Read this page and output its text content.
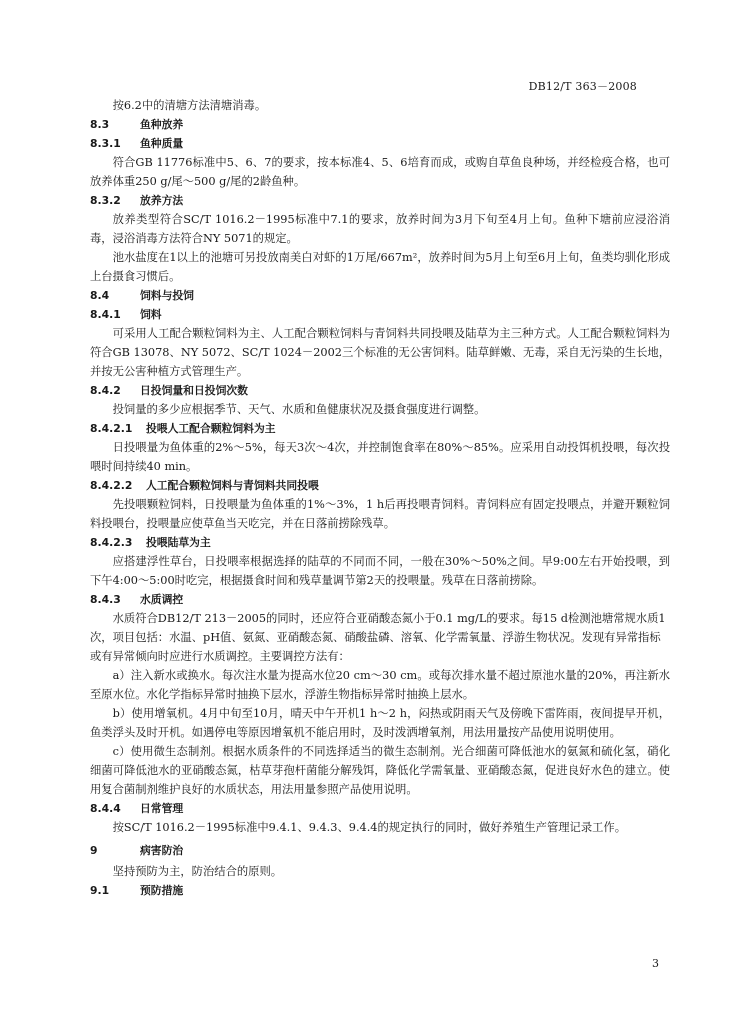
DB12/T 363－2008
按6.2中的清塘方法清塘消毒。
8.3	鱼种放养
8.3.1 鱼种质量
符合GB 11776标准中5、6、7的要求，按本标准4、5、6培育而成，或购自草鱼良种场，并经检疫合格，也可放养体重250 g/尾～500 g/尾的2龄鱼种。
8.3.2 放养方法
放养类型符合SC/T 1016.2－1995标准中7.1的要求，放养时间为3月下旬至4月上旬。鱼种下塘前应浸浴消毒，浸浴消毒方法符合NY 5071的规定。
池水盐度在1以上的池塘可另投放南美白对虾的1万尾/667m²，放养时间为5月上旬至6月上旬，鱼类均驯化形成上台摄食习惯后。
8.4	饲料与投饲
8.4.1 饲料
可采用人工配合颗粒饲料为主、人工配合颗粒饲料与青饲料共同投喂及陆草为主三种方式。人工配合颗粒饲料为符合GB 13078、NY 5072、SC/T 1024－2002三个标准的无公害饲料。陆草鲜嫩、无毒，采自无污染的生长地，并按无公害种植方式管理生产。
8.4.2 日投饲量和日投饲次数
投饲量的多少应根据季节、天气、水质和鱼健康状况及摄食强度进行调整。
8.4.2.1 投喂人工配合颗粒饲料为主
日投喂量为鱼体重的2%～5%，每天3次～4次，并控制饱食率在80%～85%。应采用自动投饵机投喂，每次投喂时间持续40 min。
8.4.2.2 人工配合颗粒饲料与青饲料共同投喂
先投喂颗粒饲料，日投喂量为鱼体重的1%～3%，1 h后再投喂青饲料。青饲料应有固定投喂点，并避开颗粒饲料投喂台，投喂量应使草鱼当天吃完，并在日落前捞除残草。
8.4.2.3 投喂陆草为主
应搭建浮性草台，日投喂率根据选择的陆草的不同而不同，一般在30%～50%之间。早9:00左右开始投喂，到下午4:00～5:00时吃完，根据摄食时间和残草量调节第2天的投喂量。残草在日落前捞除。
8.4.3 水质调控
水质符合DB12/T 213－2005的同时，还应符合亚硝酸态氮小于0.1 mg/L的要求。每15 d检测池塘常规水质1次，项目包括：水温、pH值、氨氮、亚硝酸态氮、硝酸盐磷、溶氧、化学需氧量、浮游生物状况。发现有异常指标或有异常倾向时应进行水质调控。主要调控方法有：
a）注入新水或换水。每次注水量为提高水位20 cm～30 cm。或每次排水量不超过原池水量的20%，再注新水至原水位。水化学指标异常时抽换下层水，浮游生物指标异常时抽换上层水。
b）使用增氧机。4月中旬至10月，晴天中午开机1 h～2 h，闷热或阴雨天气及傍晚下雷阵雨，夜间提早开机，鱼类浮头及时开机。如遇停电等原因增氧机不能启用时，及时泼洒增氧剂，用法用量按产品使用说明使用。
c）使用微生态制剂。根据水质条件的不同选择适当的微生态制剂。光合细菌可降低池水的氨氮和硫化氢，硝化细菌可降低池水的亚硝酸态氮，枯草芽孢杆菌能分解残饵，降低化学需氧量、亚硝酸态氮，促进良好水色的建立。使用复合菌制剂维护良好的水质状态，用法用量参照产品使用说明。
8.4.4 日常管理
按SC/T 1016.2－1995标准中9.4.1、9.4.3、9.4.4的规定执行的同时，做好养殖生产管理记录工作。
9	病害防治
坚持预防为主，防治结合的原则。
9.1	预防措施
3
